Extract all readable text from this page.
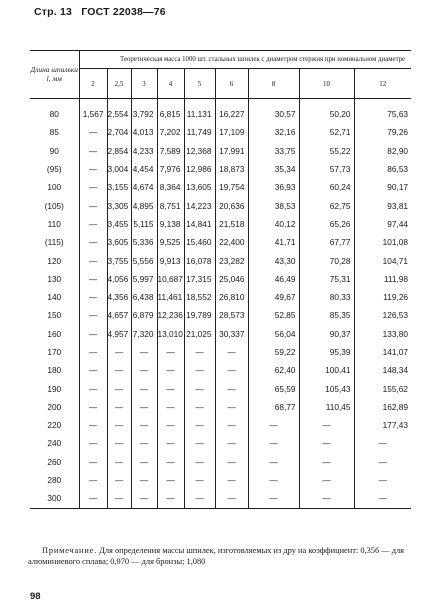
Стр. 13 ГОСТ 22038—76
Длина шпильки l, мм	Теоретическая масса 1000 шт. стальных шпилек с диаметром стержня при номинальном диаметре								
	2	2,5	3	4	5	6	8	10	12
80	1,567	2,554	3,792	6,815	11,131	16,227	30,57	50,20	75,63
85	—	2,704	4,013	7,202	11,749	17,109	32,16	52,71	79,26
90	—	2,854	4,233	7,589	12,368	17,991	33,75	55,22	82,90
(95)	—	3,004	4,454	7,976	12,986	18,873	35,34	57,73	86,53
100	—	3,155	4,674	8,364	13,605	19,754	36,93	60,24	90,17
(105)	—	3,305	4,895	8,751	14,223	20,636	38,53	62,75	93,81
110	—	3,455	5,115	9,138	14,841	21,518	40,12	65,26	97,44
(115)	—	3,605	5,336	9,525	15,460	22,400	41,71	67,77	101,08
120	—	3,755	5,556	9,913	16,078	23,282	43,30	70,28	104,71
130	—	4,056	5,997	10,687	17,315	25,046	46,49	75,31	111,98
140	—	4,356	6,438	11,461	18,552	26,810	49,67	80,33	119,26
150	—	4,657	6,879	12,236	19,789	28,573	52,85	85,35	126,53
160	—	4,957	7,320	13,010	21,025	30,337	56,04	90,37	133,80
170	—	—	—	—	—	—	59,22	95,39	141,07
180	—	—	—	—	—	—	62,40	100,41	148,34
190	—	—	—	—	—	—	65,59	105,43	155,62
200	—	—	—	—	—	—	68,77	110,45	162,89
220	—	—	—	—	—	—	—	—	177,43
240	—	—	—	—	—	—	—	—	—
260	—	—	—	—	—	—	—	—	—
280	—	—	—	—	—	—	—	—	—
300	—	—	—	—	—	—	—	—	—
Примечание. Для определения массы шпилек, изготовляемых из дру на коэффициент: 0,356 — для алюминиевого сплава; 0,970 — для бронзы; 1,080
98
